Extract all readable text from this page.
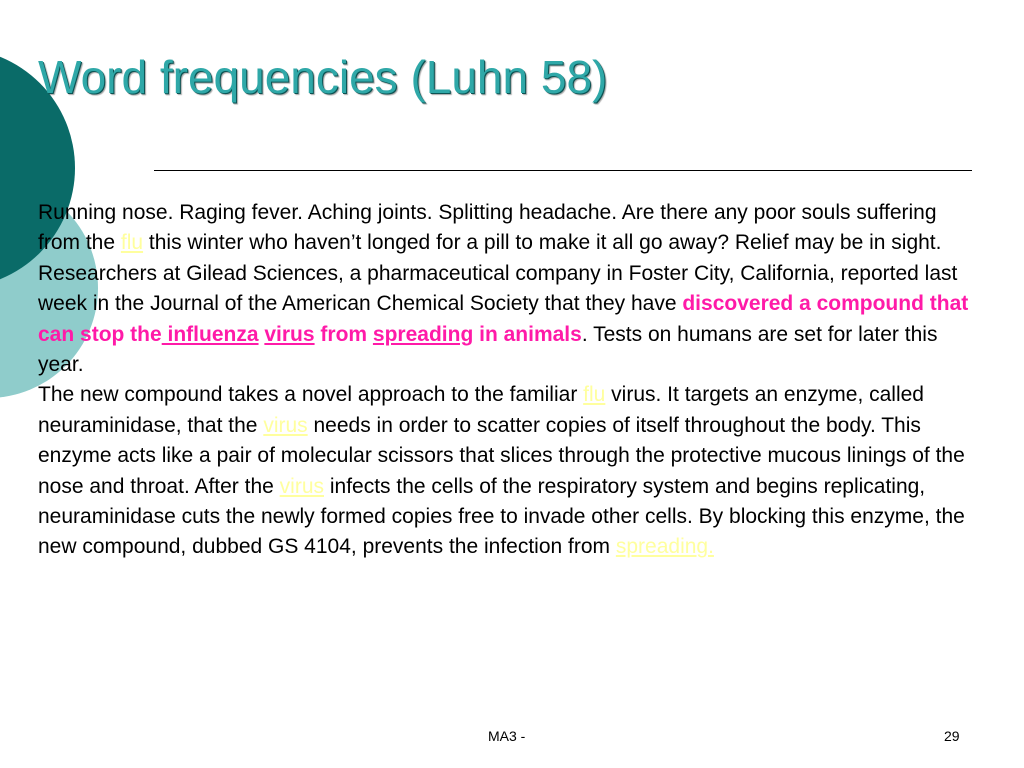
Word frequencies (Luhn 58)

Running nose. Raging fever. Aching joints. Splitting headache. Are there any poor souls suffering from the flu this winter who haven’t longed for a pill to make it all go away? Relief may be in sight. Researchers at Gilead Sciences, a pharmaceutical company in Foster City, California, reported last week in the Journal of the American Chemical Society that they have discovered a compound that can stop the influenza virus from spreading in animals. Tests on humans are set for later this year.

The new compound takes a novel approach to the familiar flu virus. It targets an enzyme, called neuraminidase, that the virus needs in order to scatter copies of itself throughout the body. This enzyme acts like a pair of molecular scissors that slices through the protective mucous linings of the nose and throat. After the virus infects the cells of the respiratory system and begins replicating, neuraminidase cuts the newly formed copies free to invade other cells. By blocking this enzyme, the new compound, dubbed GS 4104, prevents the infection from spreading.

MA3 -	29
